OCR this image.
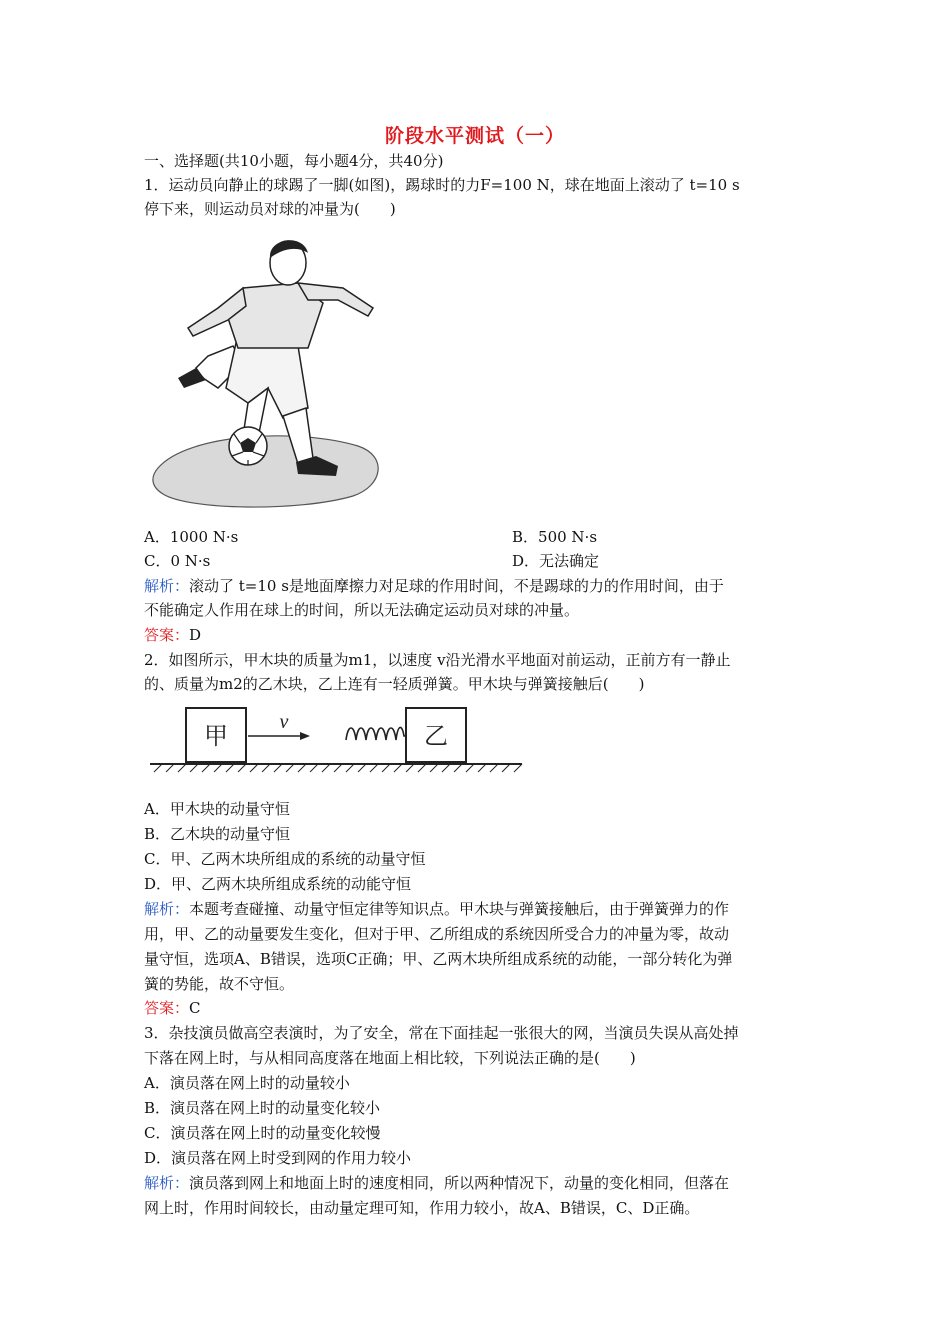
阶段水平测试（一）
一、选择题(共10小题，每小题4分，共40分)
1．运动员向静止的球踢了一脚(如图)，踢球时的力F=100 N，球在地面上滚动了 t=10 s
停下来，则运动员对球的冲量为(　　)
A．1000 N·s	B．500 N·s
C．0 N·s	D．无法确定
解析：滚动了 t=10 s是地面摩擦力对足球的作用时间，不是踢球的力的作用时间，由于
不能确定人作用在球上的时间，所以无法确定运动员对球的冲量。
答案：D
2．如图所示，甲木块的质量为m1，以速度 v沿光滑水平地面对前运动，正前方有一静止
的、质量为m2的乙木块，乙上连有一轻质弹簧。甲木块与弹簧接触后(　　)
甲	v	乙
A．甲木块的动量守恒
B．乙木块的动量守恒
C．甲、乙两木块所组成的系统的动量守恒
D．甲、乙两木块所组成系统的动能守恒
解析：本题考查碰撞、动量守恒定律等知识点。甲木块与弹簧接触后，由于弹簧弹力的作
用，甲、乙的动量要发生变化，但对于甲、乙所组成的系统因所受合力的冲量为零，故动
量守恒，选项A、B错误，选项C正确；甲、乙两木块所组成系统的动能，一部分转化为弹
簧的势能，故不守恒。
答案：C
3．杂技演员做高空表演时，为了安全，常在下面挂起一张很大的网，当演员失误从高处掉
下落在网上时，与从相同高度落在地面上相比较，下列说法正确的是(　　)
A．演员落在网上时的动量较小
B．演员落在网上时的动量变化较小
C．演员落在网上时的动量变化较慢
D．演员落在网上时受到网的作用力较小
解析：演员落到网上和地面上时的速度相同，所以两种情况下，动量的变化相同，但落在
网上时，作用时间较长，由动量定理可知，作用力较小，故A、B错误，C、D正确。
